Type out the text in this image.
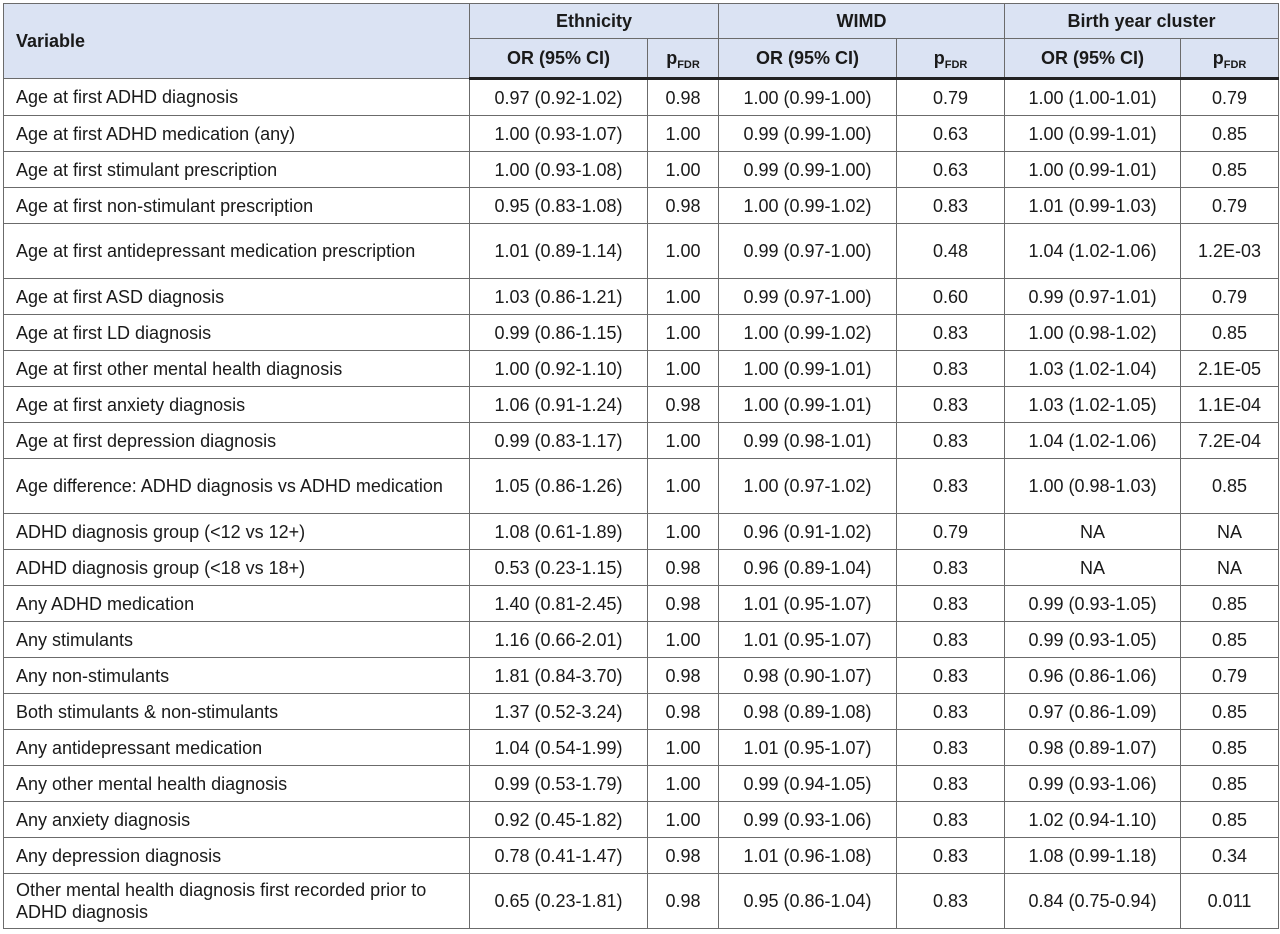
Variable	Ethnicity		WIMD		Birth year cluster	
	OR (95% CI)	$p_{FDR}$	OR (95% CI)	$p_{FDR}$	OR (95% CI)	$p_{FDR}$
Age at first ADHD diagnosis	0.97 (0.92-1.02)	0.98	1.00 (0.99-1.00)	0.79	1.00 (1.00-1.01)	0.79
Age at first ADHD medication (any)	1.00 (0.93-1.07)	1.00	0.99 (0.99-1.00)	0.63	1.00 (0.99-1.01)	0.85
Age at first stimulant prescription	1.00 (0.93-1.08)	1.00	0.99 (0.99-1.00)	0.63	1.00 (0.99-1.01)	0.85
Age at first non-stimulant prescription	0.95 (0.83-1.08)	0.98	1.00 (0.99-1.02)	0.83	1.01 (0.99-1.03)	0.79
Age at first antidepressant medication prescription	1.01 (0.89-1.14)	1.00	0.99 (0.97-1.00)	0.48	1.04 (1.02-1.06)	1.2E-03
Age at first ASD diagnosis	1.03 (0.86-1.21)	1.00	0.99 (0.97-1.00)	0.60	0.99 (0.97-1.01)	0.79
Age at first LD diagnosis	0.99 (0.86-1.15)	1.00	1.00 (0.99-1.02)	0.83	1.00 (0.98-1.02)	0.85
Age at first other mental health diagnosis	1.00 (0.92-1.10)	1.00	1.00 (0.99-1.01)	0.83	1.03 (1.02-1.04)	2.1E-05
Age at first anxiety diagnosis	1.06 (0.91-1.24)	0.98	1.00 (0.99-1.01)	0.83	1.03 (1.02-1.05)	1.1E-04
Age at first depression diagnosis	0.99 (0.83-1.17)	1.00	0.99 (0.98-1.01)	0.83	1.04 (1.02-1.06)	7.2E-04
Age difference: ADHD diagnosis vs ADHD medication	1.05 (0.86-1.26)	1.00	1.00 (0.97-1.02)	0.83	1.00 (0.98-1.03)	0.85
ADHD diagnosis group (<12 vs 12+)	1.08 (0.61-1.89)	1.00	0.96 (0.91-1.02)	0.79	NA	NA
ADHD diagnosis group (<18 vs 18+)	0.53 (0.23-1.15)	0.98	0.96 (0.89-1.04)	0.83	NA	NA
Any ADHD medication	1.40 (0.81-2.45)	0.98	1.01 (0.95-1.07)	0.83	0.99 (0.93-1.05)	0.85
Any stimulants	1.16 (0.66-2.01)	1.00	1.01 (0.95-1.07)	0.83	0.99 (0.93-1.05)	0.85
Any non-stimulants	1.81 (0.84-3.70)	0.98	0.98 (0.90-1.07)	0.83	0.96 (0.86-1.06)	0.79
Both stimulants & non-stimulants	1.37 (0.52-3.24)	0.98	0.98 (0.89-1.08)	0.83	0.97 (0.86-1.09)	0.85
Any antidepressant medication	1.04 (0.54-1.99)	1.00	1.01 (0.95-1.07)	0.83	0.98 (0.89-1.07)	0.85
Any other mental health diagnosis	0.99 (0.53-1.79)	1.00	0.99 (0.94-1.05)	0.83	0.99 (0.93-1.06)	0.85
Any anxiety diagnosis	0.92 (0.45-1.82)	1.00	0.99 (0.93-1.06)	0.83	1.02 (0.94-1.10)	0.85
Any depression diagnosis	0.78 (0.41-1.47)	0.98	1.01 (0.96-1.08)	0.83	1.08 (0.99-1.18)	0.34
Other mental health diagnosis first recorded prior to ADHD diagnosis	0.65 (0.23-1.81)	0.98	0.95 (0.86-1.04)	0.83	0.84 (0.75-0.94)	0.011
